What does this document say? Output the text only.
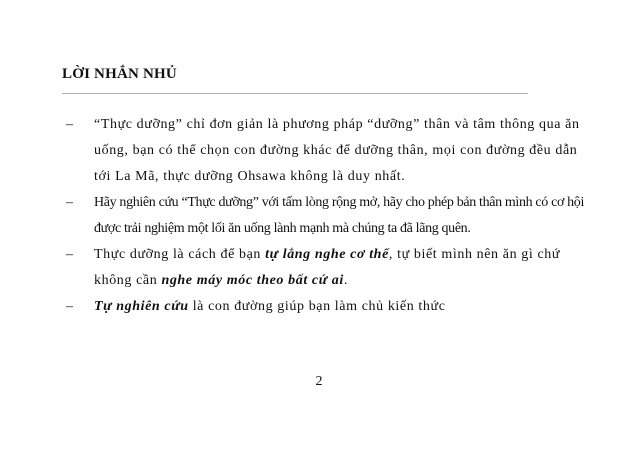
LỜI NHẮN NHỦ
– “Thực dưỡng” chỉ đơn giản là phương pháp “dưỡng” thân và tâm thông qua ăn uống, bạn có thể chọn con đường khác để dưỡng thân, mọi con đường đều dẫn tới La Mã, thực dưỡng Ohsawa không là duy nhất.
– Hãy nghiên cứu “Thực dưỡng” với tấm lòng rộng mở, hãy cho phép bản thân mình có cơ hội được trải nghiệm một lối ăn uống lành mạnh mà chúng ta đã lãng quên.
– Thực dưỡng là cách để bạn tự lắng nghe cơ thể, tự biết mình nên ăn gì chứ không cần nghe máy móc theo bất cứ ai.
– Tự nghiên cứu là con đường giúp bạn làm chủ kiến thức
2
